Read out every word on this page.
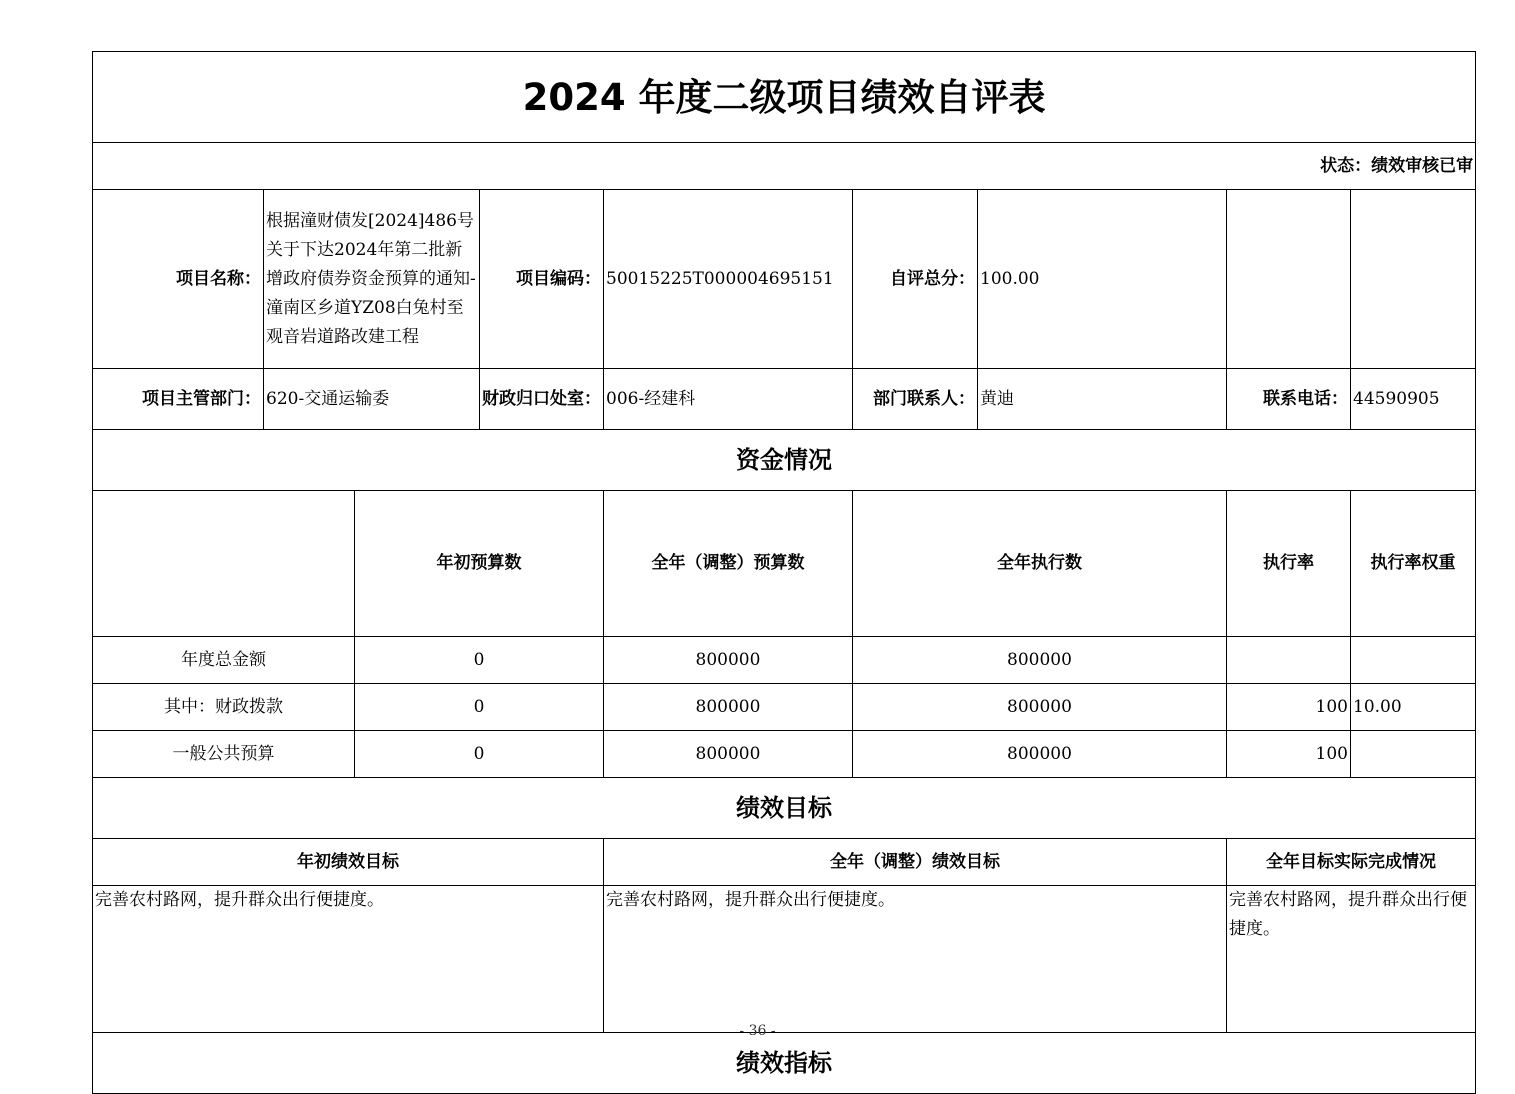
2024 年度二级项目绩效自评表									
状态：绩效审核已审									
项目名称：	根据潼财债发[2024]486号关于下达2024年第二批新增政府债券资金预算的通知-潼南区乡道YZ08白兔村至观音岩道路改建工程		项目编码：	50015225T000004695151	自评总分：	100.00			
项目主管部门：	620-交通运输委		财政归口处室：	006-经建科	部门联系人：	黄迪	联系电话：	44590905	
资金情况									
		年初预算数		全年（调整）预算数	全年执行数		执行率	执行率权重	
年度总金额		0		800000	800000				
其中：财政拨款		0		800000	800000		100	10.00	
一般公共预算		0		800000	800000		100		
绩效目标									
年初绩效目标				全年（调整）绩效目标			全年目标实际完成情况		
完善农村路网，提升群众出行便捷度。				完善农村路网，提升群众出行便捷度。			完善农村路网，提升群众出行便捷度。		
绩效指标									
- 36 -
